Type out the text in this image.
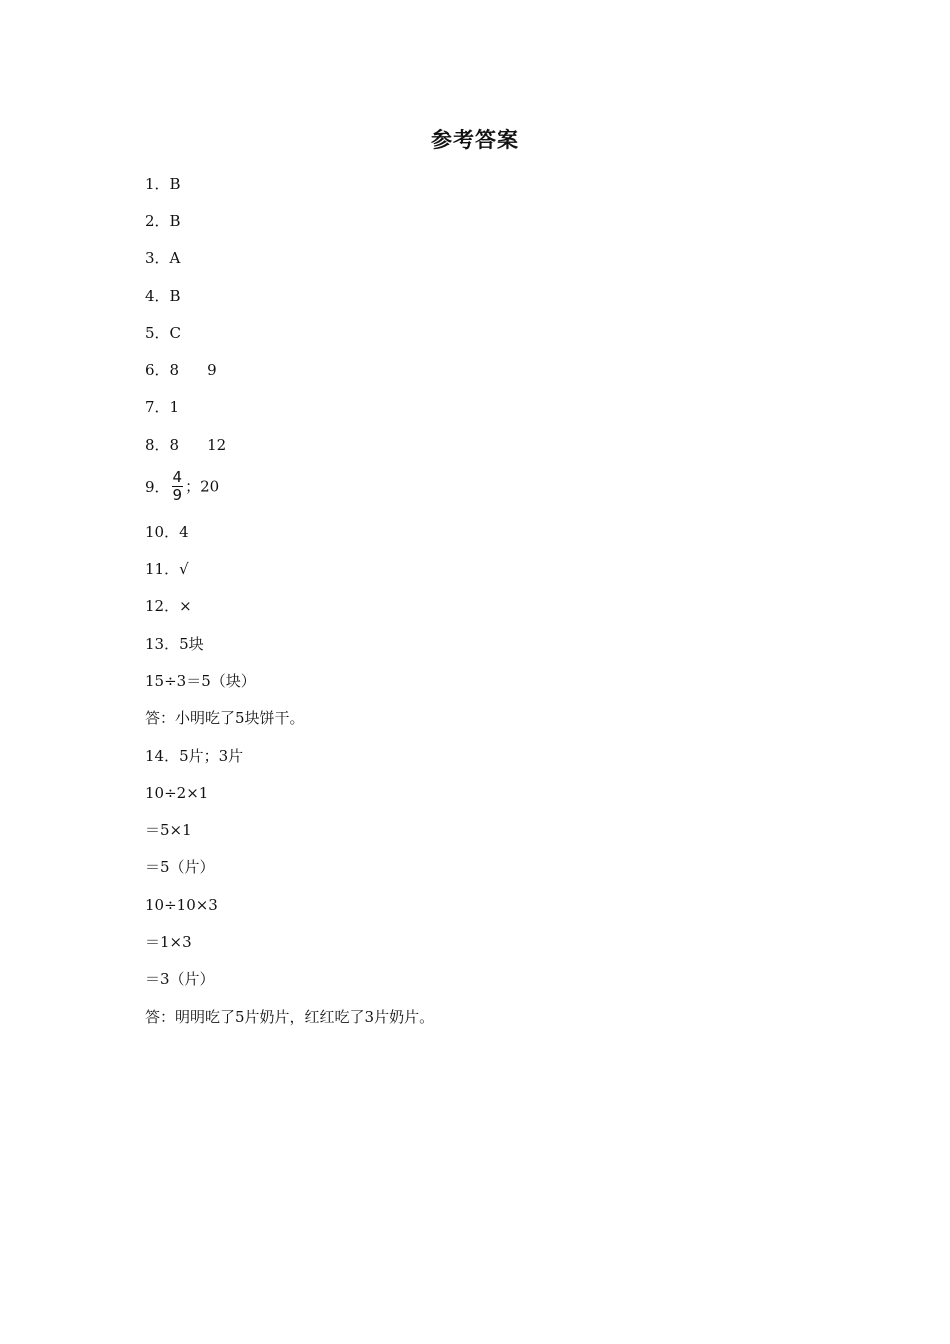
参考答案
1．B
2．B
3．A
4．B
5．C
6．8 9
7．1
8．8 12
9． $\frac{4}{9}$ ；20
10．4
11．√
12．×
13．5块
15÷3＝5（块）
答：小明吃了5块饼干。
14．5片；3片
10÷2×1
＝5×1
＝5（片）
10÷10×3
＝1×3
＝3（片）
答：明明吃了5片奶片，红红吃了3片奶片。
